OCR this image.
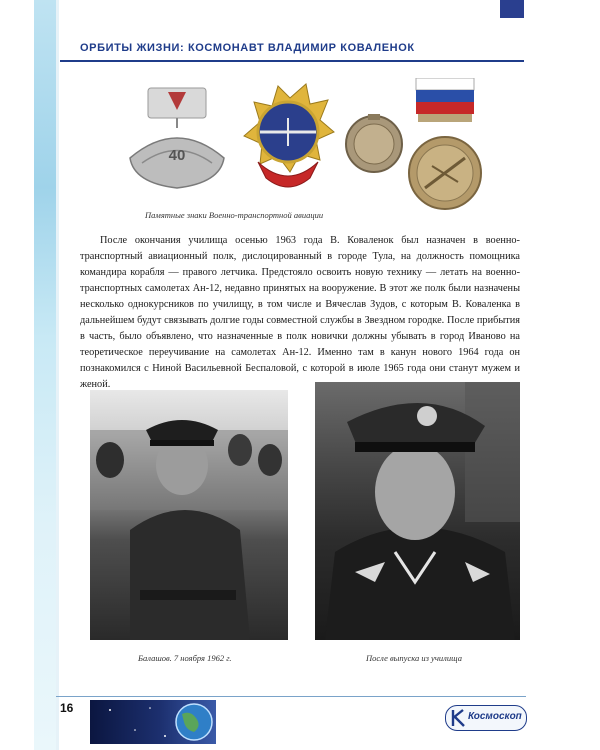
ОРБИТЫ ЖИЗНИ: КОСМОНАВТ ВЛАДИМИР КОВАЛЕНОК
40
Памятные знаки Военно-транспортной авиации

После окончания училища осенью 1963 года В. Коваленок был назначен в военно-транспортный авиационный полк, дислоцированный в городе Тула, на должность помощника командира корабля — правого летчика. Предстояло освоить новую технику — летать на военно-транспортных самолетах Ан-12, недавно принятых на вооружение. В этот же полк были назначены несколько однокурсников по училищу, в том числе и Вячеслав Зудов, с которым В. Коваленка в дальнейшем будут связывать долгие годы совместной службы в Звездном городке. После прибытия в часть, было объявлено, что назначенные в полк новички должны убывать в город Иваново на теоретическое переучивание на самолетах Ан-12. Именно там в канун нового 1964 года он познакомился с Ниной Васильевной Беспаловой, с которой в июле 1965 года они станут мужем и женой.

Балашов. 7 ноября 1962 г.	После выпуска из училища
16
Космоскоп
